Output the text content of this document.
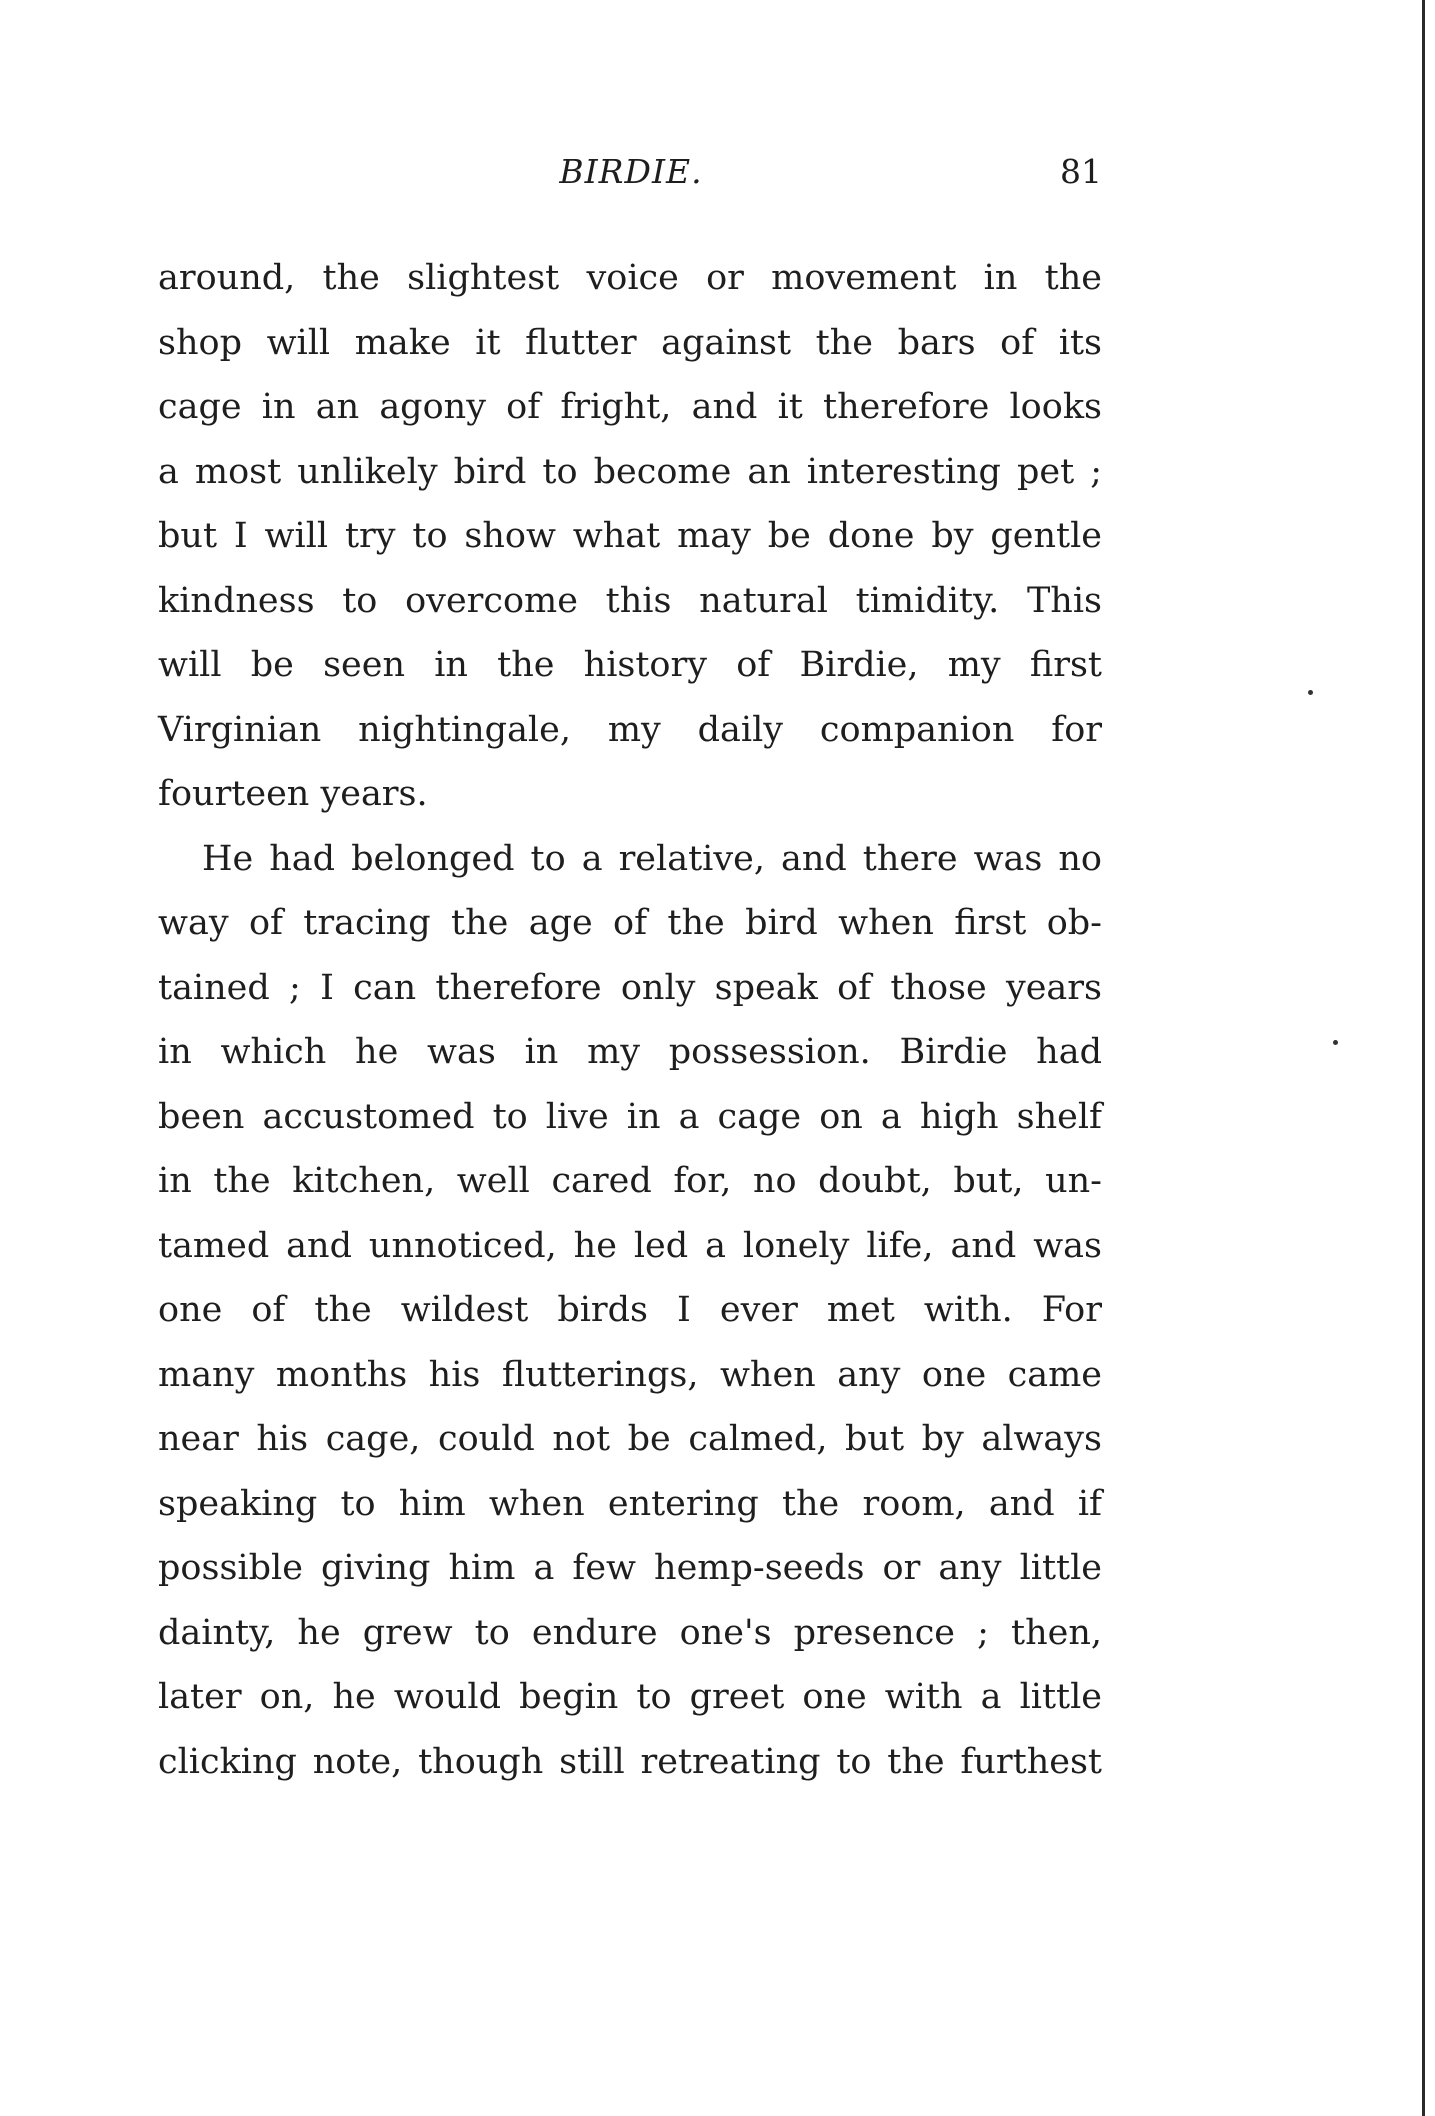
BIRDIE.	81
around, the slightest voice or movement in the
shop will make it flutter against the bars of its
cage in an agony of fright, and it therefore looks
a most unlikely bird to become an interesting pet ;
but I will try to show what may be done by gentle
kindness to overcome this natural timidity. This
will be seen in the history of Birdie, my first
Virginian nightingale, my daily companion for
fourteen years.
He had belonged to a relative, and there was no
way of tracing the age of the bird when first ob-
tained ; I can therefore only speak of those years
in which he was in my possession. Birdie had
been accustomed to live in a cage on a high shelf
in the kitchen, well cared for, no doubt, but, un-
tamed and unnoticed, he led a lonely life, and was
one of the wildest birds I ever met with. For
many months his flutterings, when any one came
near his cage, could not be calmed, but by always
speaking to him when entering the room, and if
possible giving him a few hemp-seeds or any little
dainty, he grew to endure one's presence ; then,
later on, he would begin to greet one with a little
clicking note, though still retreating to the furthest
